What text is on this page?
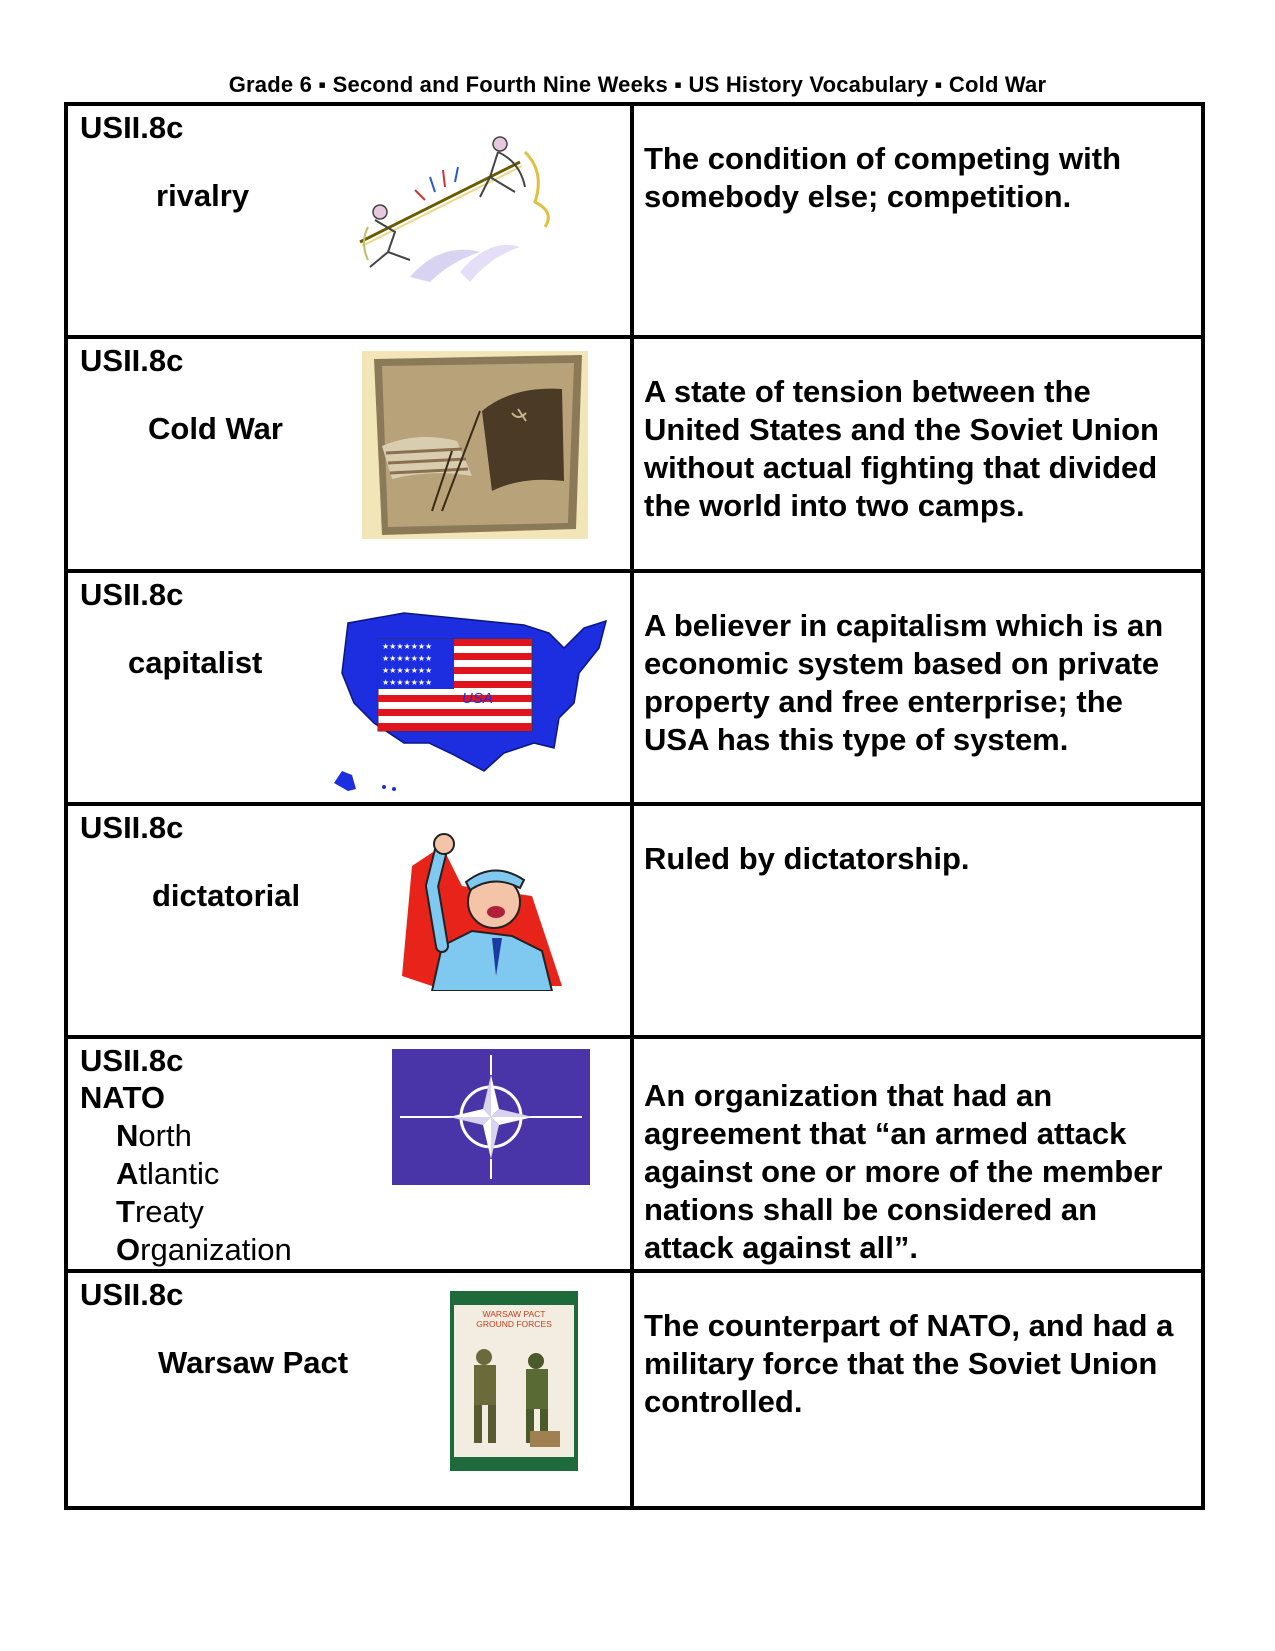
Grade 6 ▪ Second and Fourth Nine Weeks ▪ US History Vocabulary ▪ Cold War
USII.8c
rivalry
The condition of competing with somebody else; competition.
USII.8c
Cold War
A state of tension between the United States and the Soviet Union without actual fighting that divided the world into two camps.
USII.8c
capitalist	★★★★★★★
★★★★★★★
★★★★★★★
★★★★★★★
USA
A believer in capitalism which is an economic system based on private property and free enterprise; the USA has this type of system.
USII.8c
dictatorial
Ruled by dictatorship.
USII.8c
NATO
North
Atlantic
Treaty
Organization
An organization that had an agreement that “an armed attack against one or more of the member nations shall be considered an attack against all”.
USII.8c
Warsaw Pact
WARSAW PACT
GROUND FORCES	The counterpart of NATO, and had a military force that the Soviet Union controlled.
